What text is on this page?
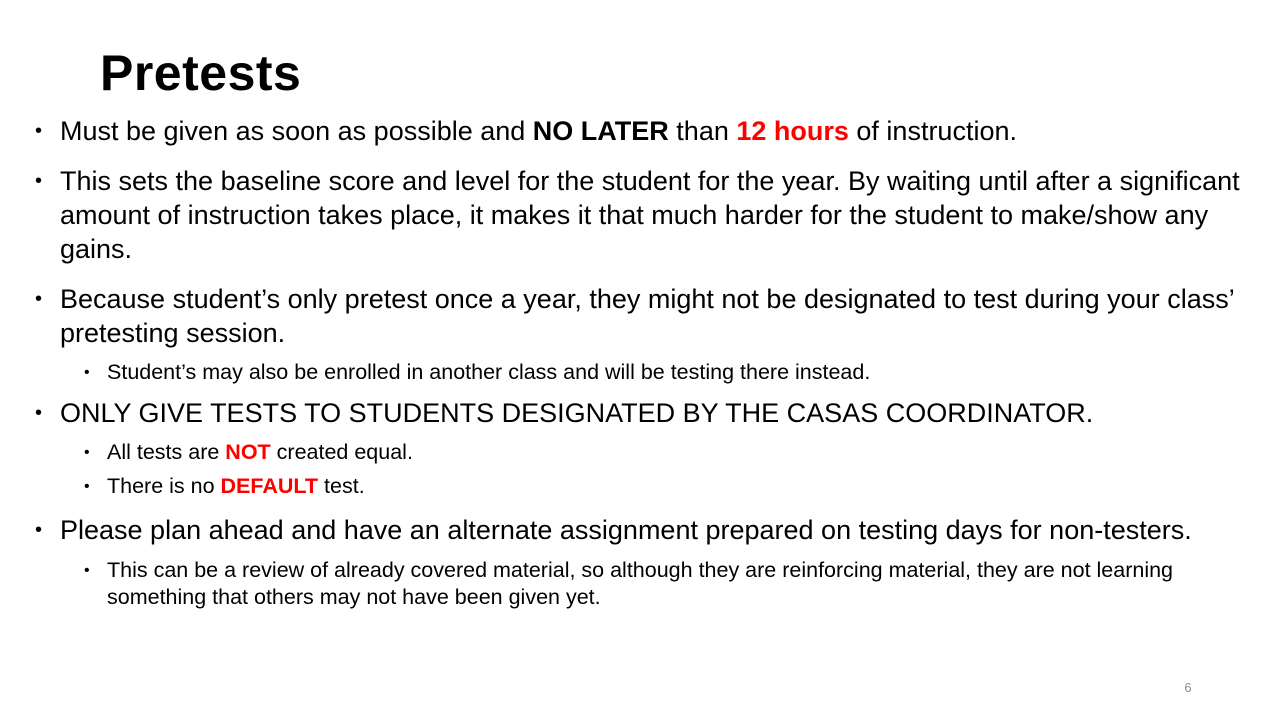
Pretests
• Must be given as soon as possible and NO LATER than 12 hours of instruction.
• This sets the baseline score and level for the student for the year. By waiting until after a significant amount of instruction takes place, it makes it that much harder for the student to make/show any gains.
• Because student’s only pretest once a year, they might not be designated to test during your class’ pretesting session.
• Student’s may also be enrolled in another class and will be testing there instead.
• ONLY GIVE TESTS TO STUDENTS DESIGNATED BY THE CASAS COORDINATOR.
• All tests are NOT created equal.
• There is no DEFAULT test.
• Please plan ahead and have an alternate assignment prepared on testing days for non-testers.
• This can be a review of already covered material, so although they are reinforcing material, they are not learning something that others may not have been given yet.
6
